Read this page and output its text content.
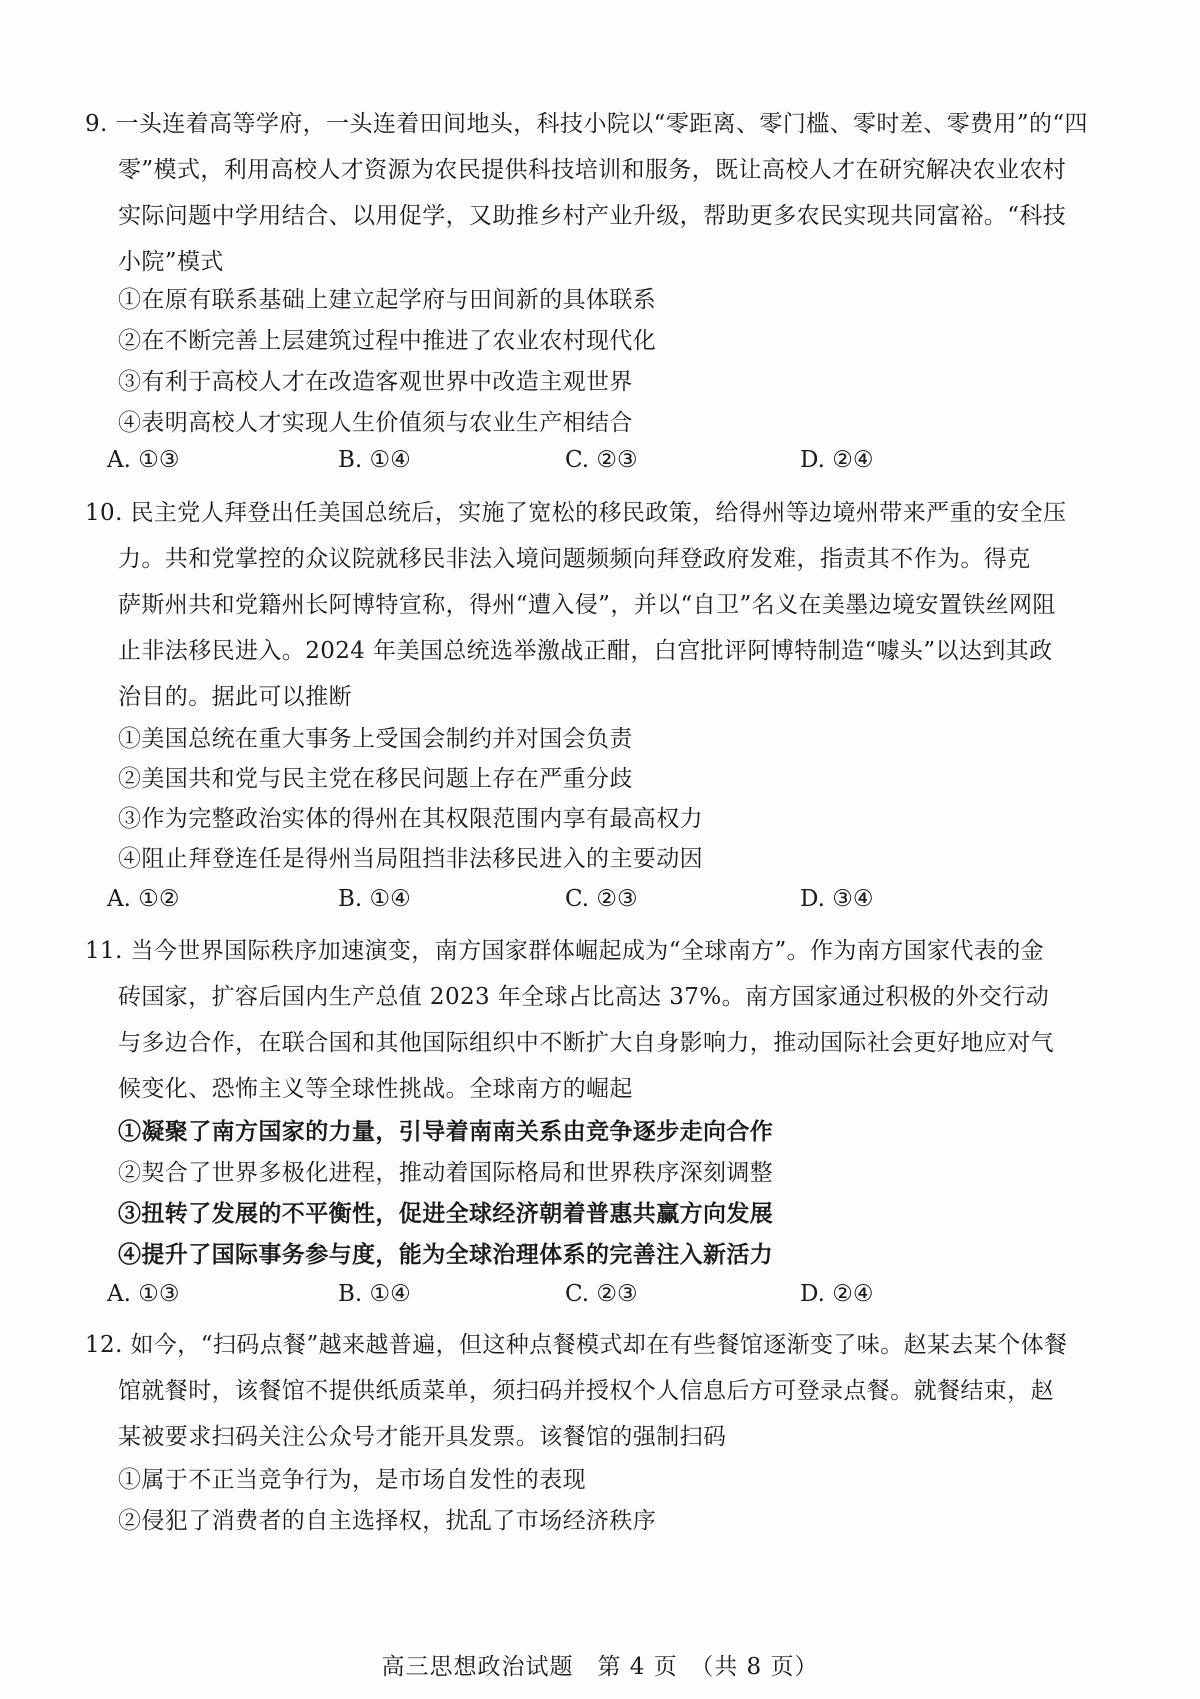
9. 一头连着高等学府，一头连着田间地头，科技小院以“零距离、零门槛、零时差、零费用”的“四
零”模式，利用高校人才资源为农民提供科技培训和服务，既让高校人才在研究解决农业农村
实际问题中学用结合、以用促学，又助推乡村产业升级，帮助更多农民实现共同富裕。“科技
小院”模式
①在原有联系基础上建立起学府与田间新的具体联系
②在不断完善上层建筑过程中推进了农业农村现代化
③有利于高校人才在改造客观世界中改造主观世界
④表明高校人才实现人生价值须与农业生产相结合
A. ①③	B. ①④	C. ②③	D. ②④
10. 民主党人拜登出任美国总统后，实施了宽松的移民政策，给得州等边境州带来严重的安全压
力。共和党掌控的众议院就移民非法入境问题频频向拜登政府发难，指责其不作为。得克
萨斯州共和党籍州长阿博特宣称，得州“遭入侵”，并以“自卫”名义在美墨边境安置铁丝网阻
止非法移民进入。2024 年美国总统选举激战正酣，白宫批评阿博特制造“噱头”以达到其政
治目的。据此可以推断
①美国总统在重大事务上受国会制约并对国会负责
②美国共和党与民主党在移民问题上存在严重分歧
③作为完整政治实体的得州在其权限范围内享有最高权力
④阻止拜登连任是得州当局阻挡非法移民进入的主要动因
A. ①②	B. ①④	C. ②③	D. ③④
11. 当今世界国际秩序加速演变，南方国家群体崛起成为“全球南方”。作为南方国家代表的金
砖国家，扩容后国内生产总值 2023 年全球占比高达 37%。南方国家通过积极的外交行动
与多边合作，在联合国和其他国际组织中不断扩大自身影响力，推动国际社会更好地应对气
候变化、恐怖主义等全球性挑战。全球南方的崛起
①凝聚了南方国家的力量，引导着南南关系由竞争逐步走向合作
②契合了世界多极化进程，推动着国际格局和世界秩序深刻调整
③扭转了发展的不平衡性，促进全球经济朝着普惠共赢方向发展
④提升了国际事务参与度，能为全球治理体系的完善注入新活力
A. ①③	B. ①④	C. ②③	D. ②④
12. 如今，“扫码点餐”越来越普遍，但这种点餐模式却在有些餐馆逐渐变了味。赵某去某个体餐
馆就餐时，该餐馆不提供纸质菜单，须扫码并授权个人信息后方可登录点餐。就餐结束，赵
某被要求扫码关注公众号才能开具发票。该餐馆的强制扫码
①属于不正当竞争行为，是市场自发性的表现
②侵犯了消费者的自主选择权，扰乱了市场经济秩序
高三思想政治试题　第 4 页　（共 8 页）
